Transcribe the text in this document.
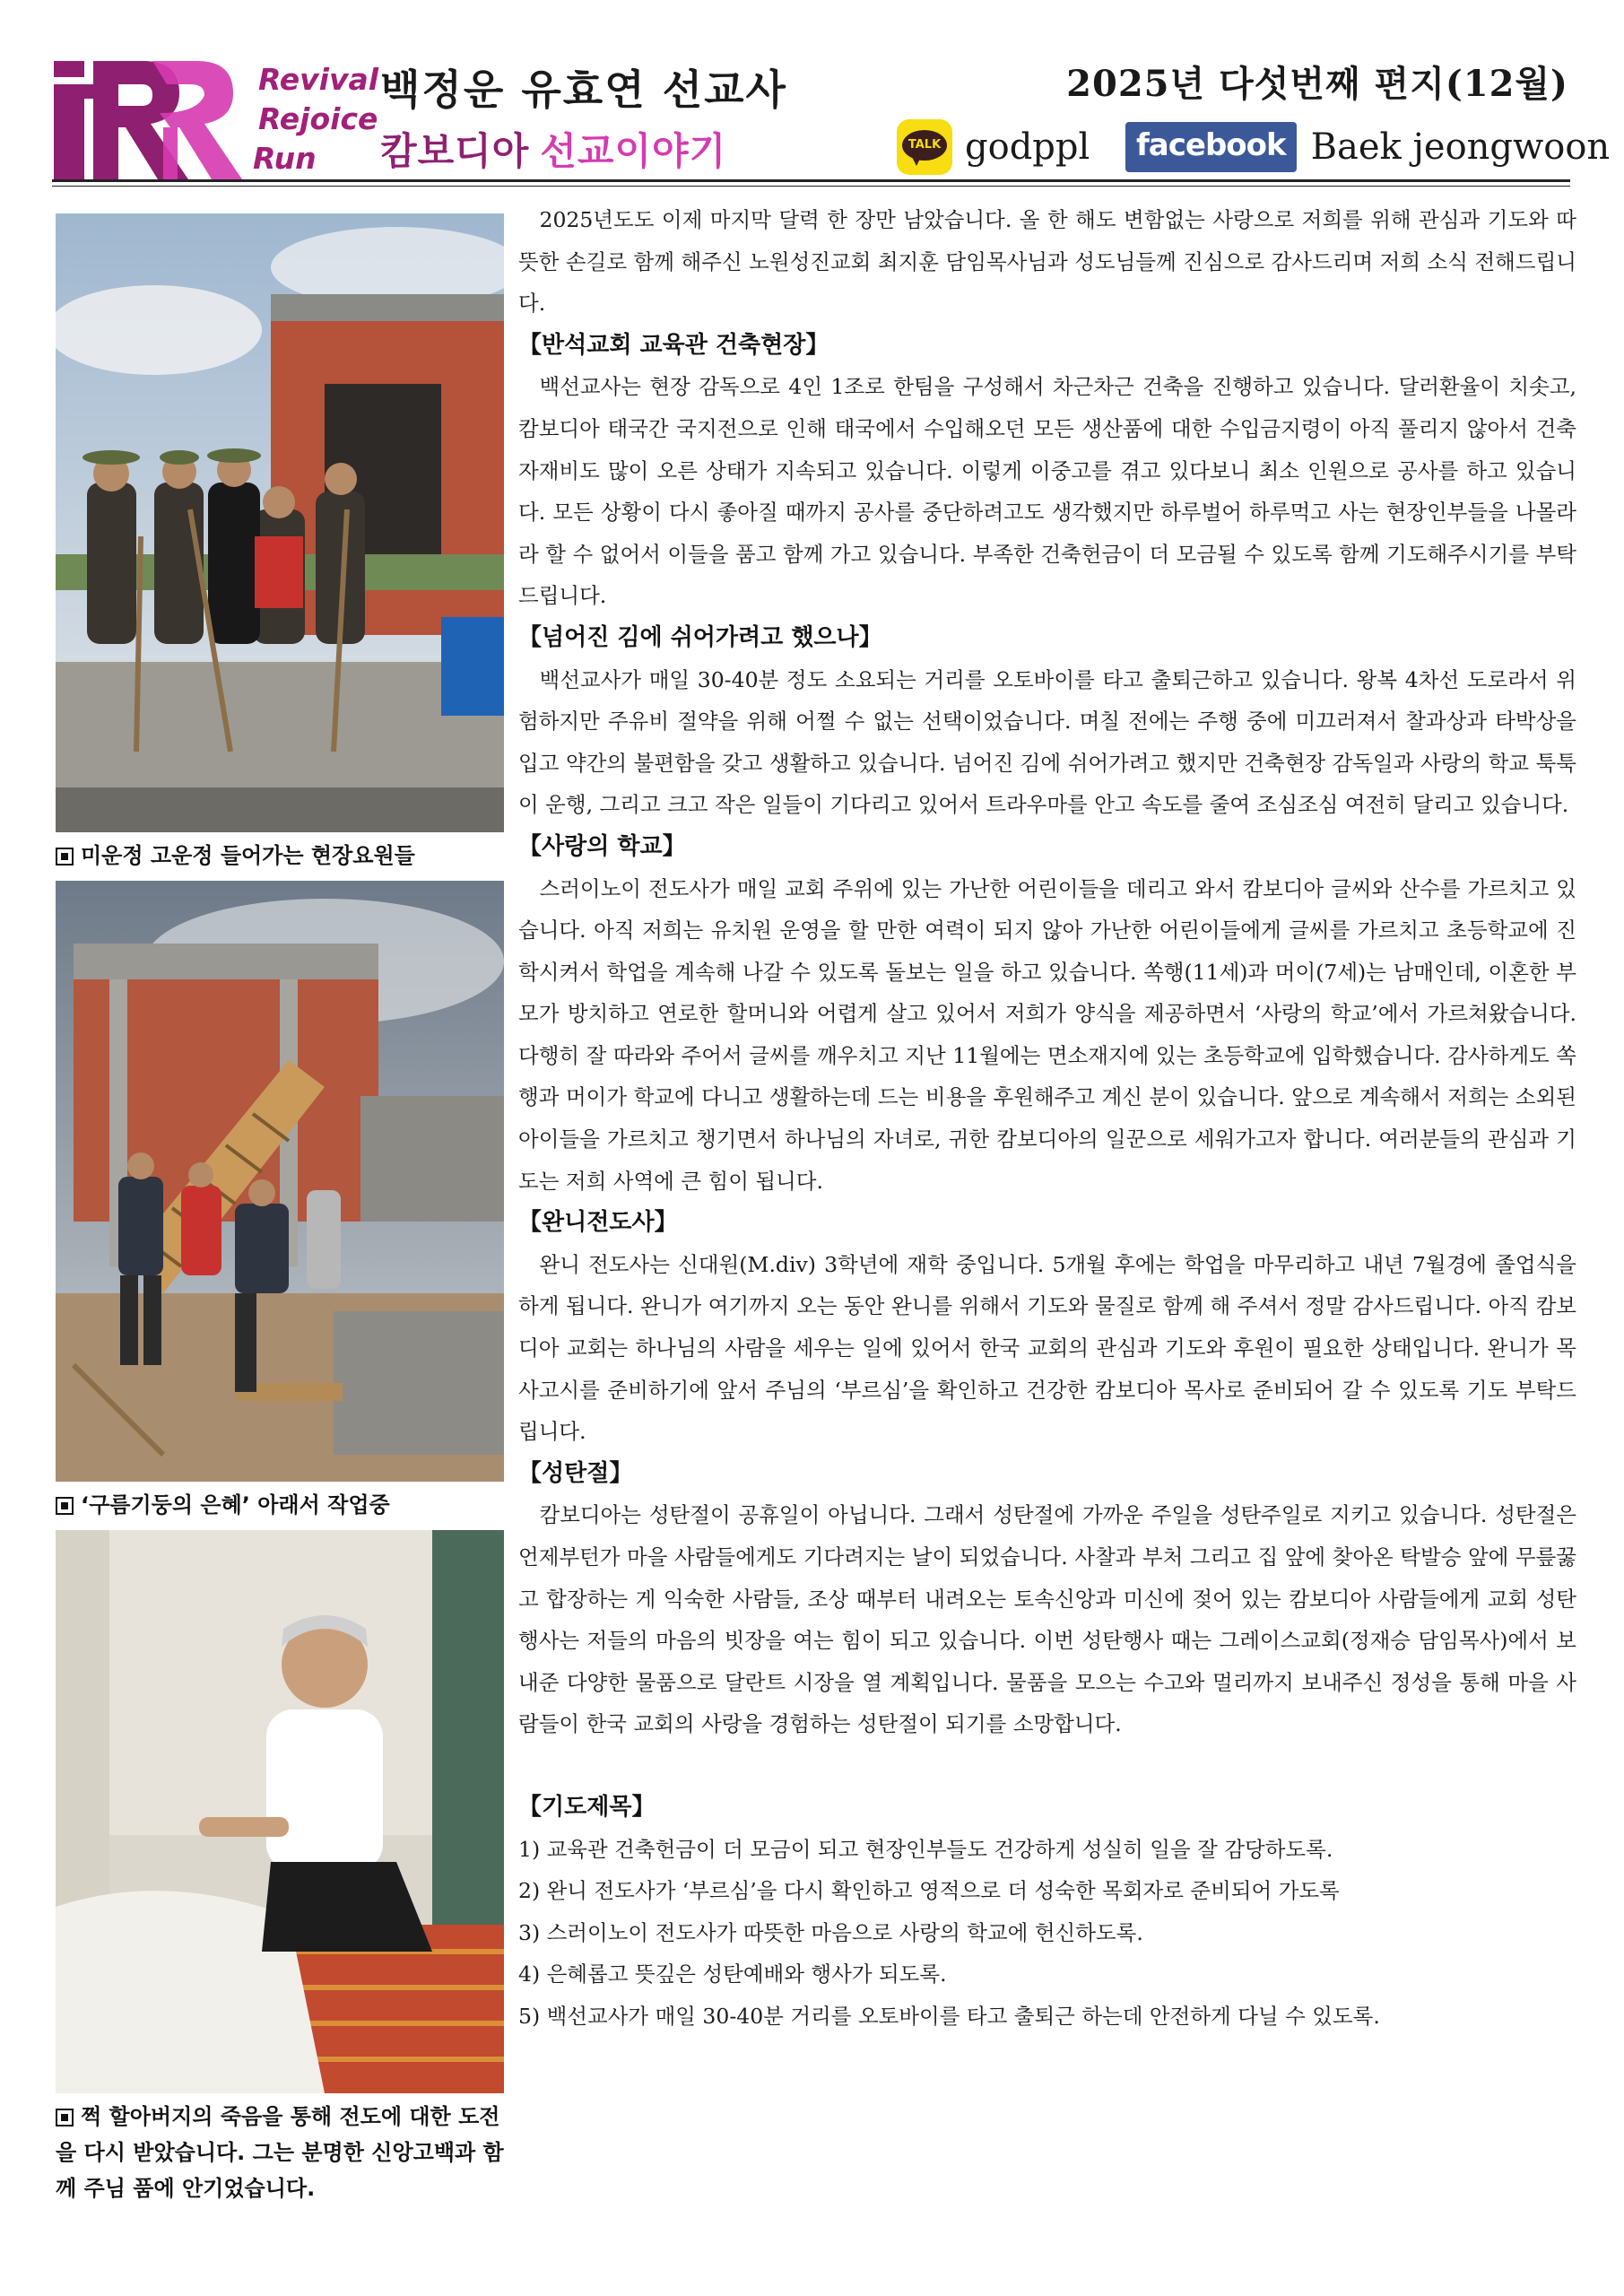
Revival
Rejoice
Run
백정운 유효연 선교사
캄보디아 선교이야기
2025년 다섯번째 편지(12월)
TALK godppl	facebook Baek jeongwoon
미운정 고운정 들어가는 현장요원들
‘구름기둥의 은혜’ 아래서 작업중
쩍 할아버지의 죽음을 통해 전도에 대한 도전을 다시 받았습니다. 그는 분명한 신앙고백과 함께 주님 품에 안기었습니다.

2025년도도 이제 마지막 달력 한 장만 남았습니다. 올 한 해도 변함없는 사랑으로 저희를 위해 관심과 기도와 따뜻한 손길로 함께 해주신 노원성진교회 최지훈 담임목사님과 성도님들께 진심으로 감사드리며 저희 소식 전해드립니다.

【반석교회 교육관 건축현장】

백선교사는 현장 감독으로 4인 1조로 한팀을 구성해서 차근차근 건축을 진행하고 있습니다. 달러환율이 치솟고, 캄보디아 태국간 국지전으로 인해 태국에서 수입해오던 모든 생산품에 대한 수입금지령이 아직 풀리지 않아서 건축자재비도 많이 오른 상태가 지속되고 있습니다. 이렇게 이중고를 겪고 있다보니 최소 인원으로 공사를 하고 있습니다. 모든 상황이 다시 좋아질 때까지 공사를 중단하려고도 생각했지만 하루벌어 하루먹고 사는 현장인부들을 나몰라라 할 수 없어서 이들을 품고 함께 가고 있습니다. 부족한 건축헌금이 더 모금될 수 있도록 함께 기도해주시기를 부탁드립니다.

【넘어진 김에 쉬어가려고 했으나】

백선교사가 매일 30-40분 정도 소요되는 거리를 오토바이를 타고 출퇴근하고 있습니다. 왕복 4차선 도로라서 위험하지만 주유비 절약을 위해 어쩔 수 없는 선택이었습니다. 며칠 전에는 주행 중에 미끄러져서 찰과상과 타박상을 입고 약간의 불편함을 갖고 생활하고 있습니다. 넘어진 김에 쉬어가려고 했지만 건축현장 감독일과 사랑의 학교 툭툭이 운행, 그리고 크고 작은 일들이 기다리고 있어서 트라우마를 안고 속도를 줄여 조심조심 여전히 달리고 있습니다.

【사랑의 학교】

스러이노이 전도사가 매일 교회 주위에 있는 가난한 어린이들을 데리고 와서 캄보디아 글씨와 산수를 가르치고 있습니다. 아직 저희는 유치원 운영을 할 만한 여력이 되지 않아 가난한 어린이들에게 글씨를 가르치고 초등학교에 진학시켜서 학업을 계속해 나갈 수 있도록 돌보는 일을 하고 있습니다. 쏙행(11세)과 머이(7세)는 남매인데, 이혼한 부모가 방치하고 연로한 할머니와 어렵게 살고 있어서 저희가 양식을 제공하면서 ‘사랑의 학교’에서 가르쳐왔습니다. 다행히 잘 따라와 주어서 글씨를 깨우치고 지난 11월에는 면소재지에 있는 초등학교에 입학했습니다. 감사하게도 쏙행과 머이가 학교에 다니고 생활하는데 드는 비용을 후원해주고 계신 분이 있습니다. 앞으로 계속해서 저희는 소외된 아이들을 가르치고 챙기면서 하나님의 자녀로, 귀한 캄보디아의 일꾼으로 세워가고자 합니다. 여러분들의 관심과 기도는 저희 사역에 큰 힘이 됩니다.

【완니전도사】

완니 전도사는 신대원(M.div) 3학년에 재학 중입니다. 5개월 후에는 학업을 마무리하고 내년 7월경에 졸업식을 하게 됩니다. 완니가 여기까지 오는 동안 완니를 위해서 기도와 물질로 함께 해 주셔서 정말 감사드립니다. 아직 캄보디아 교회는 하나님의 사람을 세우는 일에 있어서 한국 교회의 관심과 기도와 후원이 필요한 상태입니다. 완니가 목사고시를 준비하기에 앞서 주님의 ‘부르심’을 확인하고 건강한 캄보디아 목사로 준비되어 갈 수 있도록 기도 부탁드립니다.

【성탄절】

캄보디아는 성탄절이 공휴일이 아닙니다. 그래서 성탄절에 가까운 주일을 성탄주일로 지키고 있습니다. 성탄절은 언제부턴가 마을 사람들에게도 기다려지는 날이 되었습니다. 사찰과 부처 그리고 집 앞에 찾아온 탁발승 앞에 무릎꿇고 합장하는 게 익숙한 사람들, 조상 때부터 내려오는 토속신앙과 미신에 젖어 있는 캄보디아 사람들에게 교회 성탄행사는 저들의 마음의 빗장을 여는 힘이 되고 있습니다. 이번 성탄행사 때는 그레이스교회(정재승 담임목사)에서 보내준 다양한 물품으로 달란트 시장을 열 계획입니다. 물품을 모으는 수고와 멀리까지 보내주신 정성을 통해 마을 사람들이 한국 교회의 사랑을 경험하는 성탄절이 되기를 소망합니다.

【기도제목】
1) 교육관 건축헌금이 더 모금이 되고 현장인부들도 건강하게 성실히 일을 잘 감당하도록.
2) 완니 전도사가 ‘부르심’을 다시 확인하고 영적으로 더 성숙한 목회자로 준비되어 가도록
3) 스러이노이 전도사가 따뜻한 마음으로 사랑의 학교에 헌신하도록.
4) 은혜롭고 뜻깊은 성탄예배와 행사가 되도록.
5) 백선교사가 매일 30-40분 거리를 오토바이를 타고 출퇴근 하는데 안전하게 다닐 수 있도록.
